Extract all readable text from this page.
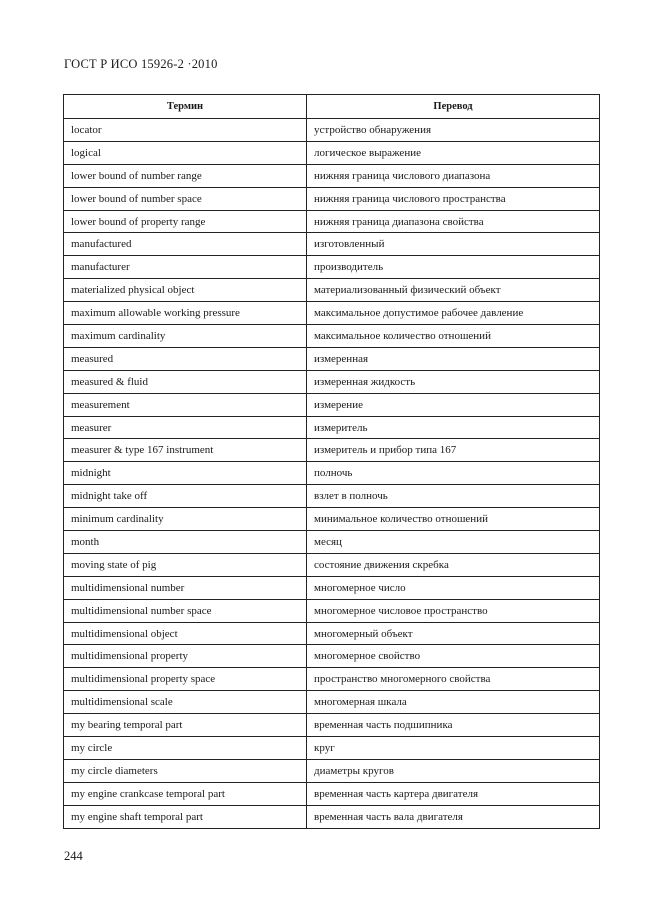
ГОСТ Р ИСО 15926-2 ·2010
Термин	Перевод
locator	устройство обнаружения
logical	логическое выражение
lower bound of number range	нижняя граница числового диапазона
lower bound of number space	нижняя граница числового пространства
lower bound of property range	нижняя граница диапазона свойства
manufactured	изготовленный
manufacturer	производитель
materialized physical object	материализованный физический объект
maximum allowable working pressure	максимальное допустимое рабочее давление
maximum cardinality	максимальное количество отношений
measured	измеренная
measured & fluid	измеренная жидкость
measurement	измерение
measurer	измеритель
measurer & type 167 instrument	измеритель и прибор типа 167
midnight	полночь
midnight take off	взлет в полночь
minimum cardinality	минимальное количество отношений
month	месяц
moving state of pig	состояние движения скребка
multidimensional number	многомерное число
multidimensional number space	многомерное числовое пространство
multidimensional object	многомерный объект
multidimensional property	многомерное свойство
multidimensional property space	пространство многомерного свойства
multidimensional scale	многомерная шкала
my bearing temporal part	временная часть подшипника
my circle	круг
my circle diameters	диаметры кругов
my engine crankcase temporal part	временная часть картера двигателя
my engine shaft temporal part	временная часть вала двигателя
244
